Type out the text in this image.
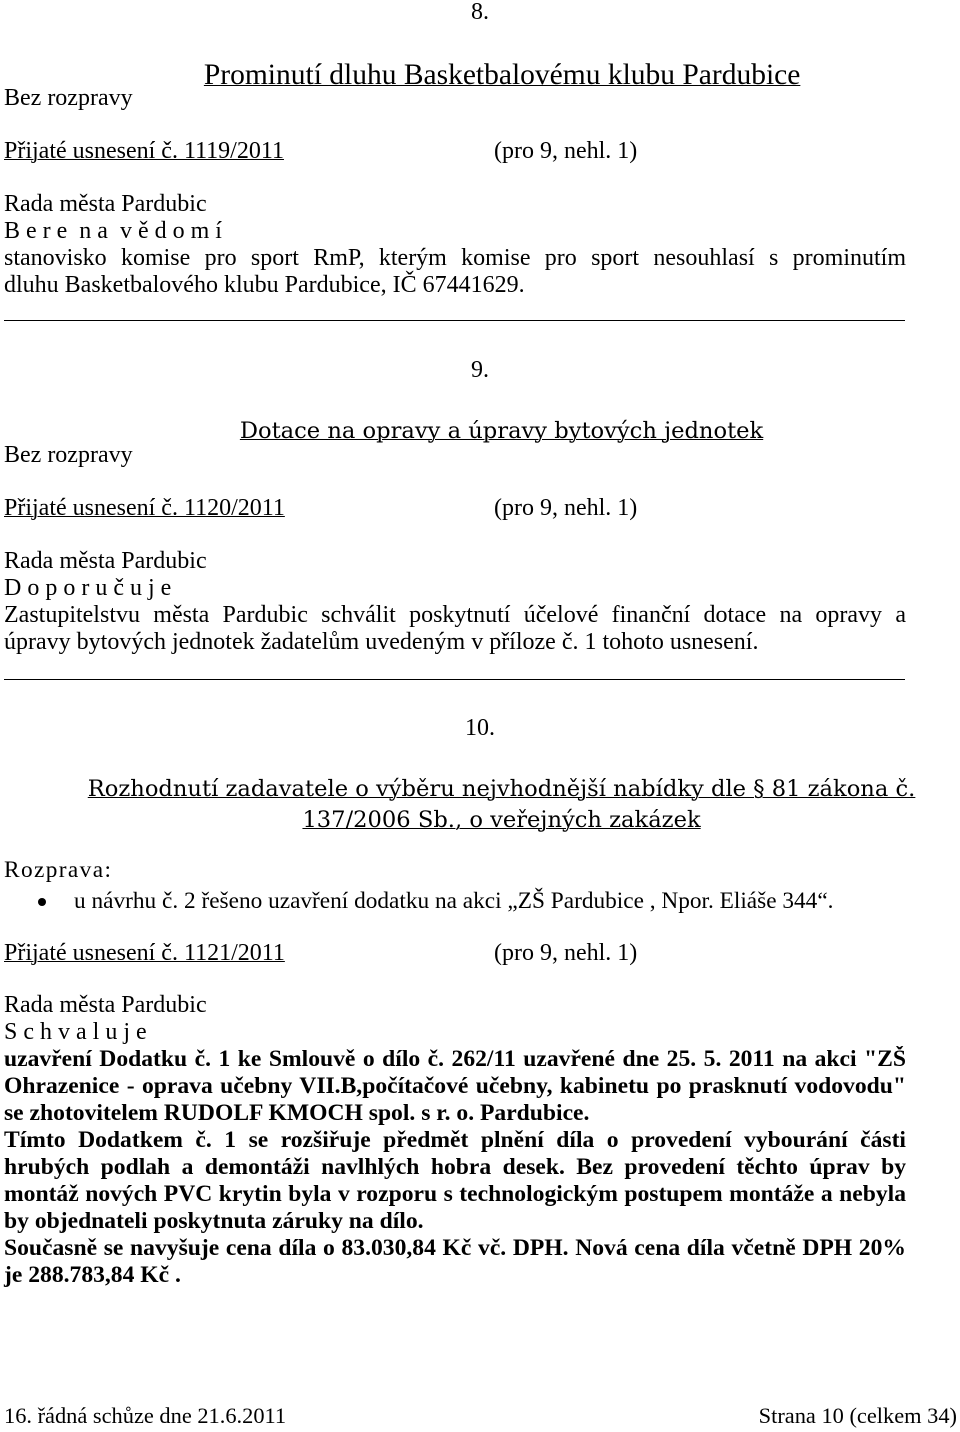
8.

Prominutí dluhu Basketbalovému klubu Pardubice

Bez rozpravy
Přijaté usnesení č. 1119/2011	(pro 9, nehl. 1)
Rada města Pardubic
B e r e  n a  v ě d o m í
stanovisko komise pro sport RmP, kterým komise pro sport nesouhlasí s prominutím
dluhu Basketbalového klubu Pardubice, IČ 67441629.
9.

Dotace na opravy a úpravy bytových jednotek

Bez rozpravy
Přijaté usnesení č. 1120/2011	(pro 9, nehl. 1)
Rada města Pardubic
D o p o r u č u j e
Zastupitelstvu města Pardubic schválit poskytnutí účelové finanční dotace na opravy a
úpravy bytových jednotek žadatelům uvedeným v příloze č. 1 tohoto usnesení.
10.

Rozhodnutí zadavatele o výběru nejvhodnější nabídky dle § 81 zákona č.

137/2006 Sb., o veřejných zakázek

Rozprava:
u návrhu č. 2 řešeno uzavření dodatku na akci „ZŠ Pardubice , Npor. Eliáše 344“.
Přijaté usnesení č. 1121/2011	(pro 9, nehl. 1)
Rada města Pardubic
S c h v a l u j e
uzavření Dodatku č. 1 ke Smlouvě o dílo č. 262/11 uzavřené dne 25. 5. 2011 na akci "ZŠ
Ohrazenice - oprava učebny VII.B,počítačové učebny, kabinetu po prasknutí vodovodu"
se zhotovitelem RUDOLF KMOCH spol. s r. o. Pardubice.
Tímto Dodatkem č. 1 se rozšiřuje předmět plnění díla o provedení vybourání části
hrubých podlah a demontáži navlhlých hobra desek. Bez provedení těchto úprav by
montáž nových PVC krytin byla v rozporu s technologickým postupem montáže a nebyla
by objednateli poskytnuta záruky na dílo.
Současně se navyšuje cena díla o 83.030,84 Kč vč. DPH. Nová cena díla včetně DPH 20%
je 288.783,84 Kč .
16. řádná schůze dne 21.6.2011	Strana 10 (celkem 34)
